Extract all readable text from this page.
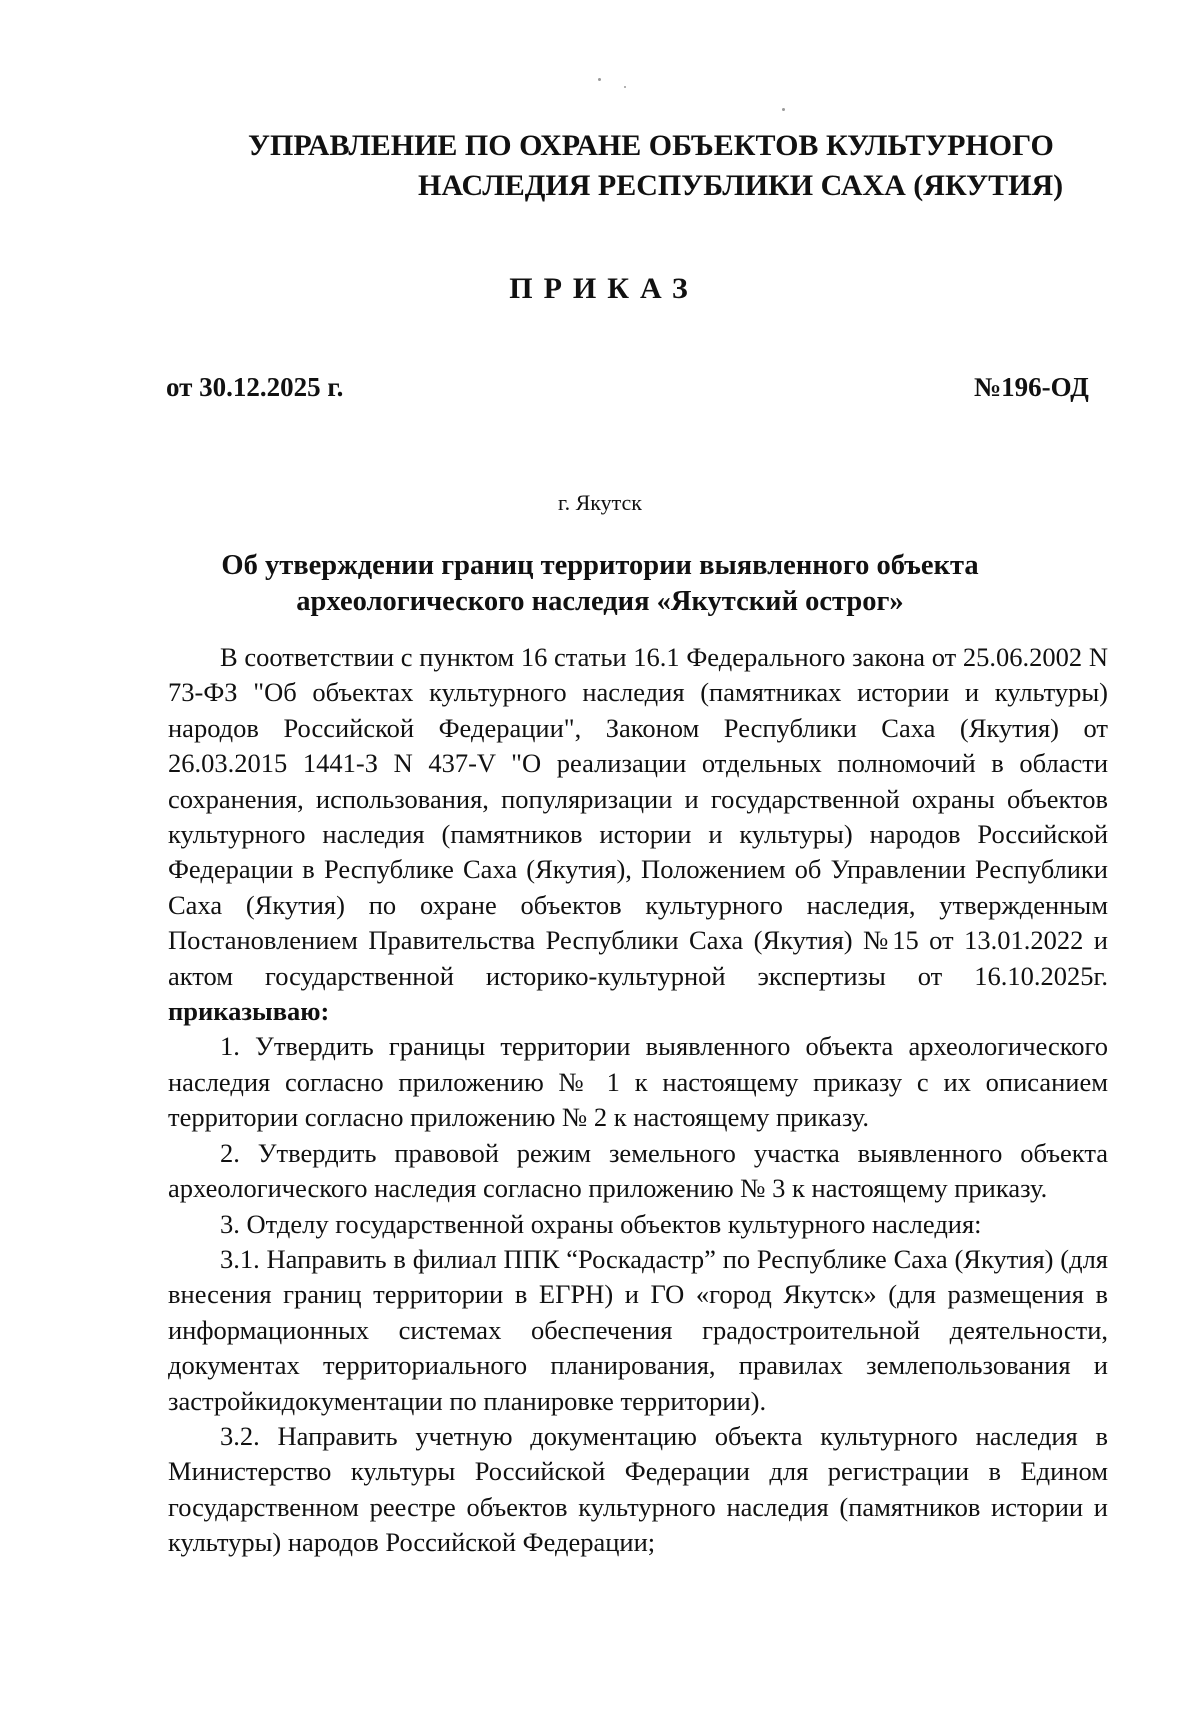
УПРАВЛЕНИЕ ПО ОХРАНЕ ОБЪЕКТОВ КУЛЬТУРНОГО
НАСЛЕДИЯ РЕСПУБЛИКИ САХА (ЯКУТИЯ)
ПРИКАЗ
от 30.12.2025 г.	№196-ОД
г. Якутск
Об утверждении границ территории выявленного объекта археологического наследия «Якутский острог»

В соответствии с пунктом 16 статьи 16.1 Федерального закона от 25.06.2002 N 73-ФЗ "Об объектах культурного наследия (памятниках истории и культуры) народов Российской Федерации", Законом Республики Саха (Якутия) от 26.03.2015 1441-З N 437-V "О реализации отдельных полномочий в области сохранения, использования, популяризации и государственной охраны объектов культурного наследия (памятников истории и культуры) народов Российской Федерации в Республике Саха (Якутия), Положением об Управлении Республики Саха (Якутия) по охране объектов культурного наследия, утвержденным Постановлением Правительства Республики Саха (Якутия) №15 от 13.01.2022 и актом государственной историко-культурной экспертизы от 16.10.2025г. приказываю:

1. Утвердить границы территории выявленного объекта археологического наследия согласно приложению № 1 к настоящему приказу с их описанием территории согласно приложению № 2 к настоящему приказу.

2. Утвердить правовой режим земельного участка выявленного объекта археологического наследия согласно приложению № 3 к настоящему приказу.

3. Отделу государственной охраны объектов культурного наследия:

3.1. Направить в филиал ППК “Роскадастр” по Республике Саха (Якутия) (для внесения границ территории в ЕГРН) и ГО «город Якутск» (для размещения в информационных системах обеспечения градостроительной деятельности, документах территориального планирования, правилах землепользования и застройкидокументации по планировке территории).

3.2. Направить учетную документацию объекта культурного наследия в Министерство культуры Российской Федерации для регистрации в Едином государственном реестре объектов культурного наследия (памятников истории и культуры) народов Российской Федерации;
